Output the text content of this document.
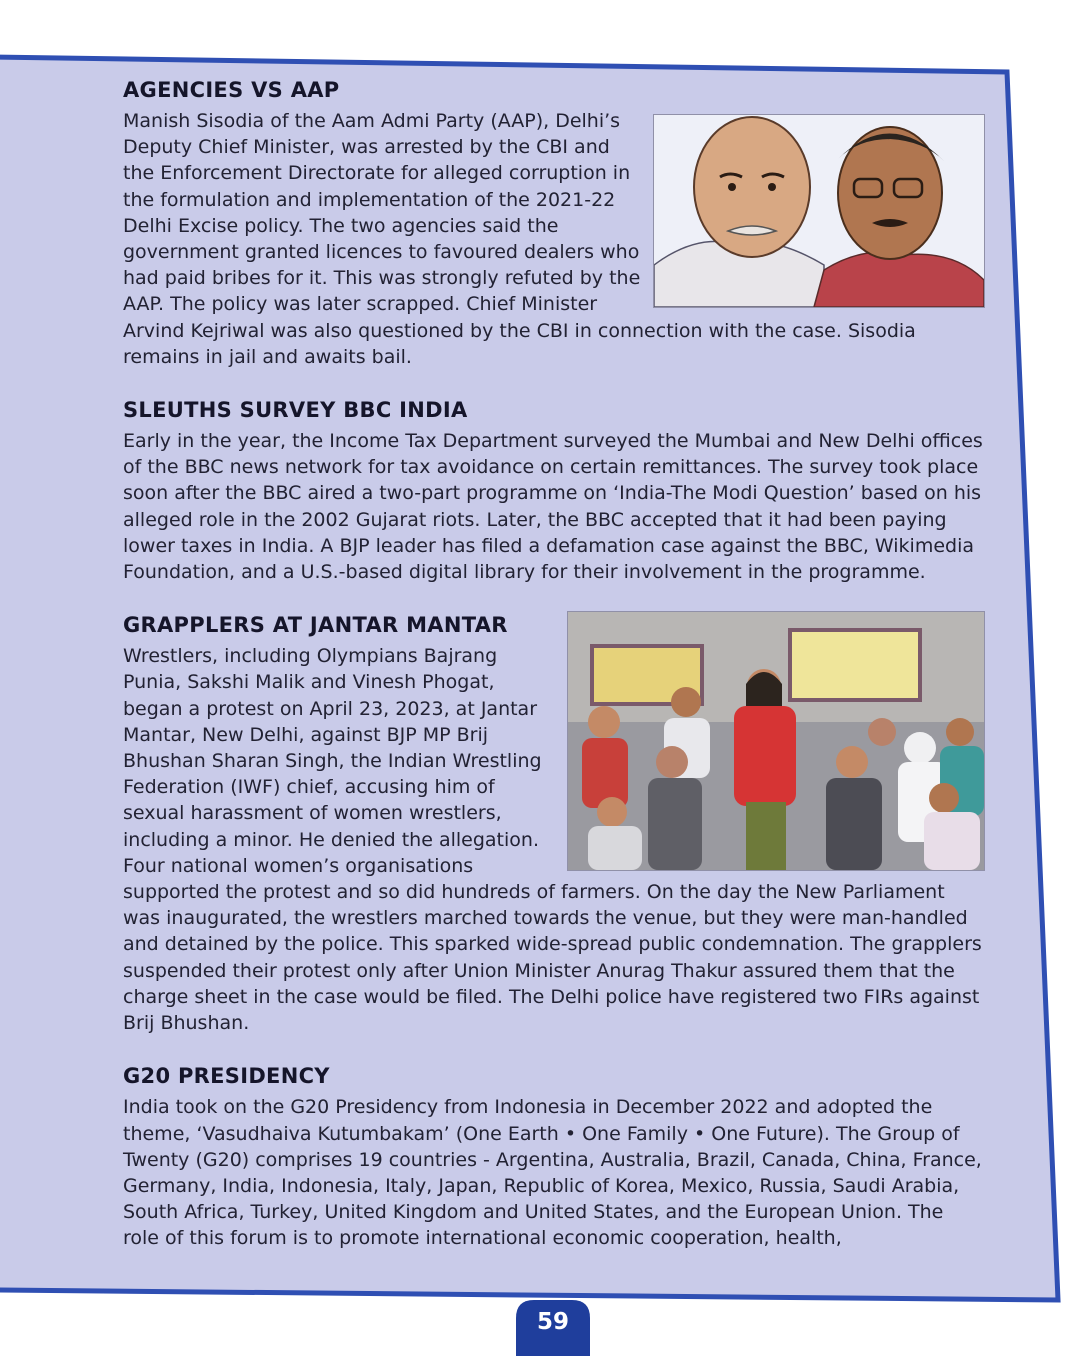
AGENCIES VS AAP

Manish Sisodia of the Aam Admi Party (AAP), Delhi’s Deputy Chief Minister, was arrested by the CBI and the Enforcement Directorate for alleged corruption in the formulation and implementation of the 2021-22 Delhi Excise policy. The two agencies said the government granted licences to favoured dealers who had paid bribes for it. This was strongly refuted by the AAP. The policy was later scrapped. Chief Minister Arvind Kejriwal was also questioned by the CBI in connection with the case. Sisodia remains in jail and awaits bail.

SLEUTHS SURVEY BBC INDIA

Early in the year, the Income Tax Department surveyed the Mumbai and New Delhi offices of the BBC news network for tax avoidance on certain remittances. The survey took place soon after the BBC aired a two-part programme on ‘India-The Modi Question’ based on his alleged role in the 2002 Gujarat riots. Later, the BBC accepted that it had been paying lower taxes in India. A BJP leader has filed a defamation case against the BBC, Wikimedia Foundation, and a U.S.-based digital library for their involvement in the programme.

GRAPPLERS AT JANTAR MANTAR

Wrestlers, including Olympians Bajrang Punia, Sakshi Malik and Vinesh Phogat, began a protest on April 23, 2023, at Jantar Mantar, New Delhi, against BJP MP Brij Bhushan Sharan Singh, the Indian Wrestling Federation (IWF) chief, accusing him of sexual harassment of women wrestlers, including a minor. He denied the allegation. Four national women’s organisations supported the protest and so did hundreds of farmers. On the day the New Parliament was inaugurated, the wrestlers marched towards the venue, but they were man-handled and detained by the police. This sparked wide-spread public condemnation. The grapplers suspended their protest only after Union Minister Anurag Thakur assured them that the charge sheet in the case would be filed. The Delhi police have registered two FIRs against Brij Bhushan.

G20 PRESIDENCY

India took on the G20 Presidency from Indonesia in December 2022 and adopted the theme, ‘Vasudhaiva Kutumbakam’ (One Earth • One Family • One Future). The Group of Twenty (G20) comprises 19 countries - Argentina, Australia, Brazil, Canada, China, France, Germany, India, Indonesia, Italy, Japan, Republic of Korea, Mexico, Russia, Saudi Arabia, South Africa, Turkey, United Kingdom and United States, and the European Union. The role of this forum is to promote international economic cooperation, health,

59
